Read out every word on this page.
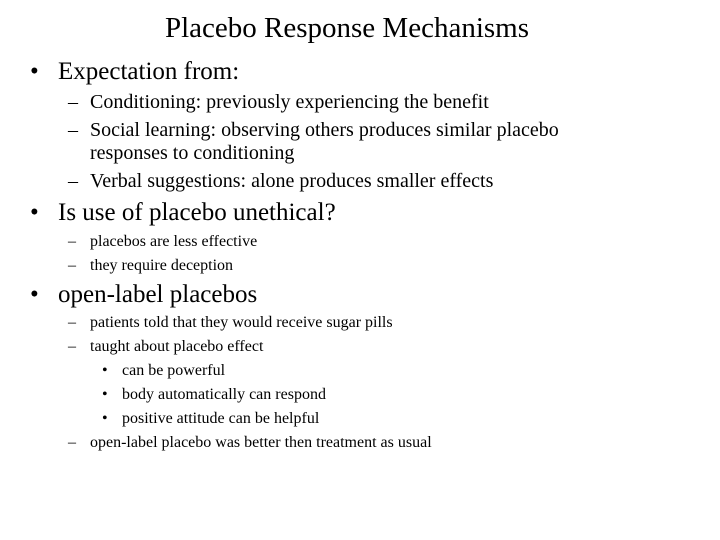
Placebo Response Mechanisms
• Expectation from:
– Conditioning: previously experiencing the benefit
– Social learning: observing others produces similar placebo
responses to conditioning
– Verbal suggestions: alone produces smaller effects
• Is use of placebo unethical?
– placebos are less effective
– they require deception
• open-label placebos
– patients told that they would receive sugar pills
– taught about placebo effect
• can be powerful
• body automatically can respond
• positive attitude can be helpful
– open-label placebo was better then treatment as usual
